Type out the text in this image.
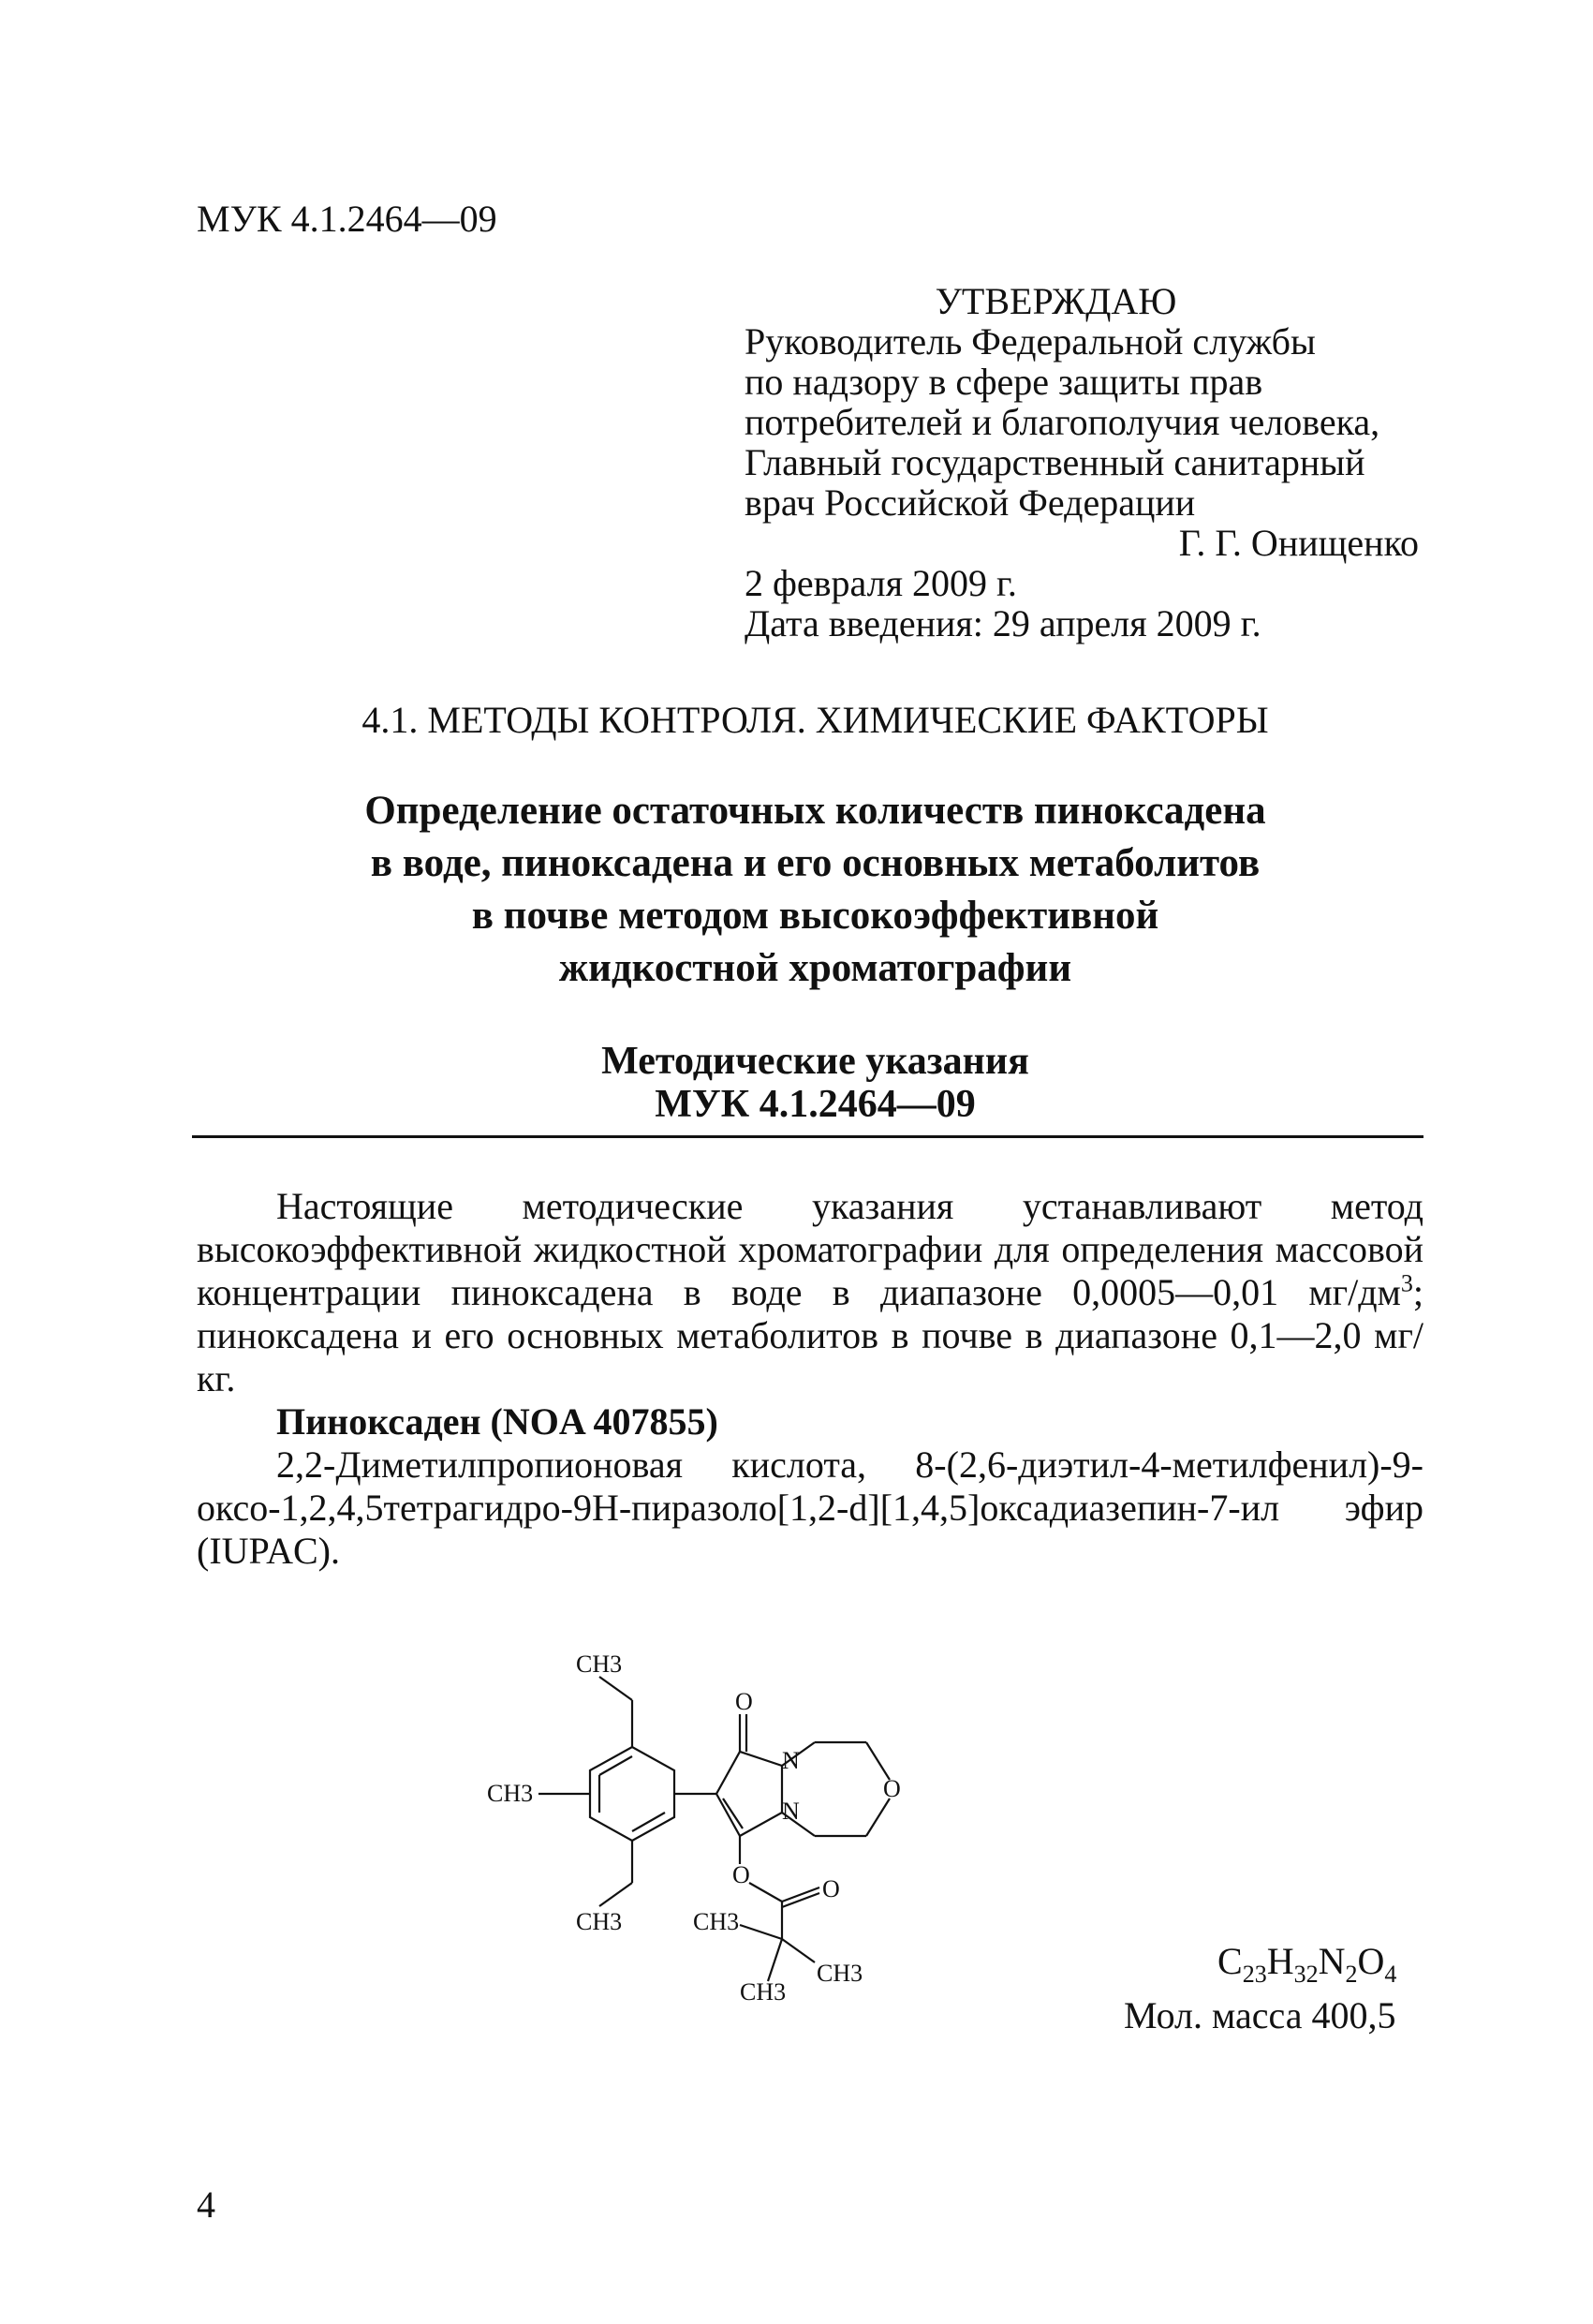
МУК 4.1.2464—09
УТВЕРЖДАЮ
Руководитель Федеральной службы
по надзору в сфере защиты прав
потребителей и благополучия человека,
Главный государственный санитарный
врач Российской Федерации
Г. Г. Онищенко
2 февраля 2009 г.
Дата введения: 29 апреля 2009 г.
4.1. МЕТОДЫ КОНТРОЛЯ. ХИМИЧЕСКИЕ ФАКТОРЫ
Определение остаточных количеств пиноксадена
в воде, пиноксадена и его основных метаболитов
в почве методом высокоэффективной
жидкостной хроматографии
Методические указания
МУК 4.1.2464—09

Настоящие методические указания устанавливают метод высокоэффективной жидкостной хроматографии для определения массовой концентрации пиноксадена в воде в диапазоне 0,0005—0,01 $мг/дм^3$; пиноксадена и его основных метаболитов в почве в диапазоне 0,1—2,0 мг/кг.

Пиноксаден (NOA 407855)

2,2-Диметилпропионовая кислота, 8-(2,6-диэтил-4-метилфенил)-9-оксо-1,2,4,5тетрагидро-9Н-пиразоло[1,2-d][1,4,5]оксадиазепин-7-ил эфир (IUPAC).

CH3
CH3
CH3
O
N
N
O
O
O
CH3
CH3
CH3
$C_{23}H_{32}N_2O_4$
Мол. масса 400,5
4
